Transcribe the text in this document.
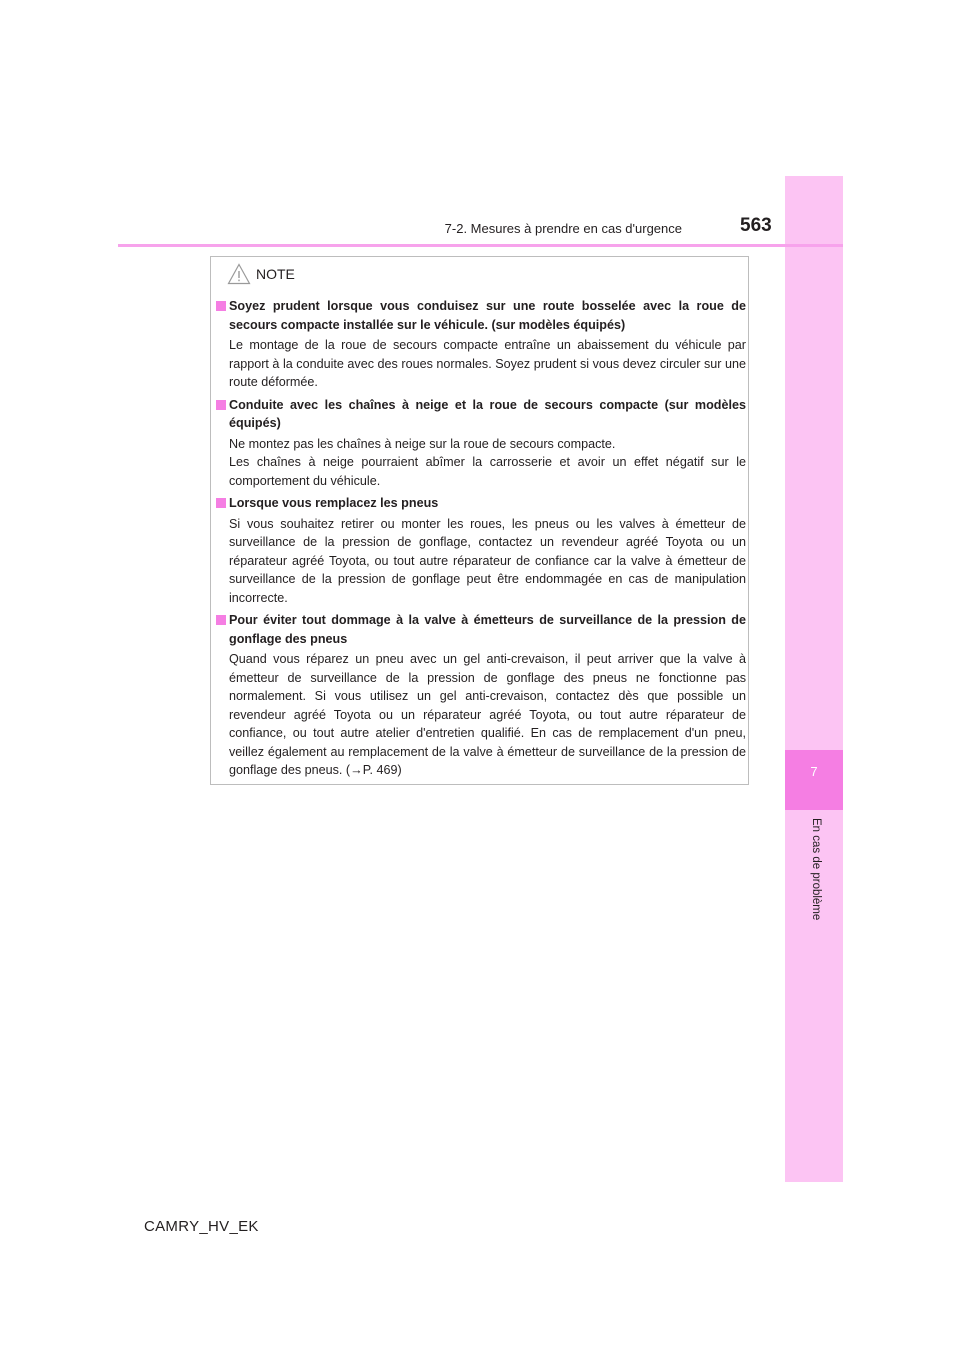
7
En cas de problème
7-2. Mesures à prendre en cas d'urgence	563
NOTE
Soyez prudent lorsque vous conduisez sur une route bosselée avec la roue de secours compacte installée sur le véhicule. (sur modèles équipés)

Le montage de la roue de secours compacte entraîne un abaissement du véhicule par rapport à la conduite avec des roues normales. Soyez prudent si vous devez circuler sur une route déformée.

Conduite avec les chaînes à neige et la roue de secours compacte (sur modèles équipés)

Ne montez pas les chaînes à neige sur la roue de secours compacte.

Les chaînes à neige pourraient abîmer la carrosserie et avoir un effet négatif sur le comportement du véhicule.

Lorsque vous remplacez les pneus

Si vous souhaitez retirer ou monter les roues, les pneus ou les valves à émetteur de surveillance de la pression de gonflage, contactez un revendeur agréé Toyota ou un réparateur agréé Toyota, ou tout autre réparateur de confiance car la valve à émetteur de surveillance de la pression de gonflage peut être endommagée en cas de manipulation incorrecte.

Pour éviter tout dommage à la valve à émetteurs de surveillance de la pression de gonflage des pneus

Quand vous réparez un pneu avec un gel anti-crevaison, il peut arriver que la valve à émetteur de surveillance de la pression de gonflage des pneus ne fonctionne pas normalement. Si vous utilisez un gel anti-crevaison, contactez dès que possible un revendeur agréé Toyota ou un réparateur agréé Toyota, ou tout autre réparateur de confiance, ou tout autre atelier d'entretien qualifié. En cas de remplacement d'un pneu, veillez également au remplacement de la valve à émetteur de surveillance de la pression de gonflage des pneus. (→P. 469)

CAMRY_HV_EK
